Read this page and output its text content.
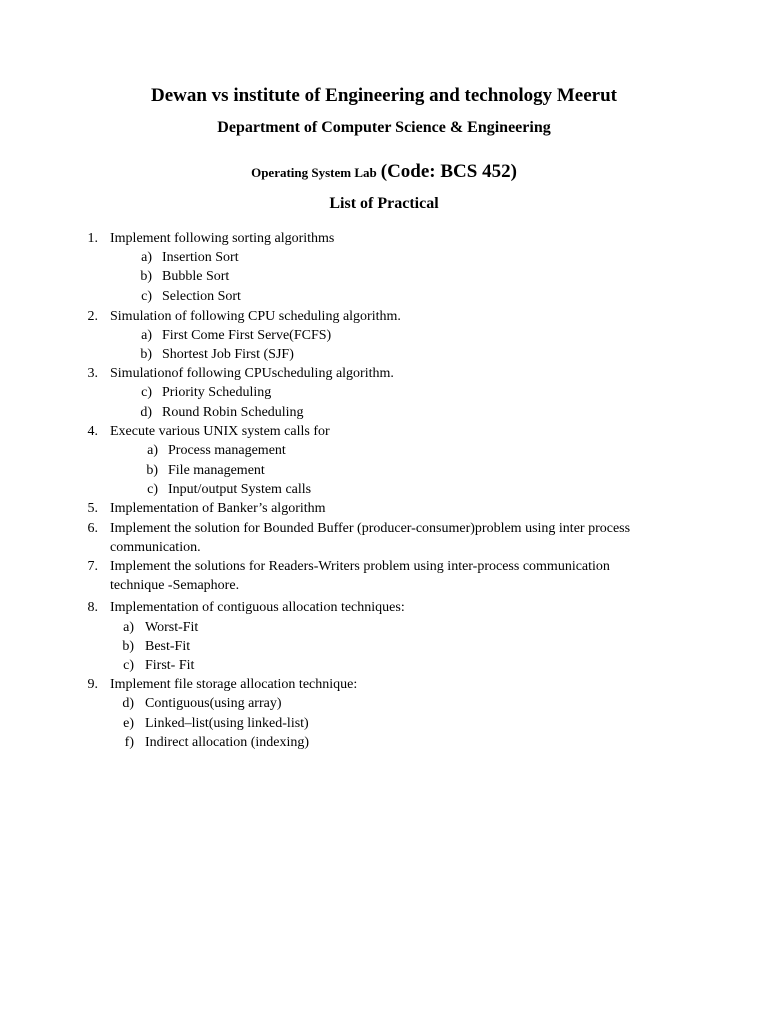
Dewan vs institute of Engineering and technology Meerut
Department of Computer Science & Engineering
Operating System Lab (Code: BCS 452)
List of Practical
1. Implement following sorting algorithms
a) Insertion Sort
b) Bubble Sort
c) Selection Sort
2. Simulation of following CPU scheduling algorithm.
a) First Come First Serve(FCFS)
b) Shortest Job First (SJF)
3. Simulationof following CPUscheduling algorithm.
c) Priority Scheduling
d) Round Robin Scheduling
4. Execute various UNIX system calls for
a) Process management
b) File management
c) Input/output System calls
5. Implementation of Banker’s algorithm
6. Implement the solution for Bounded Buffer (producer-consumer)problem using inter process
communication.
7. Implement the solutions for Readers-Writers problem using inter-process communication
technique -Semaphore.
8. Implementation of contiguous allocation techniques:
a) Worst-Fit
b) Best-Fit
c) First- Fit
9. Implement file storage allocation technique:
d) Contiguous(using array)
e) Linked–list(using linked-list)
f) Indirect allocation (indexing)
